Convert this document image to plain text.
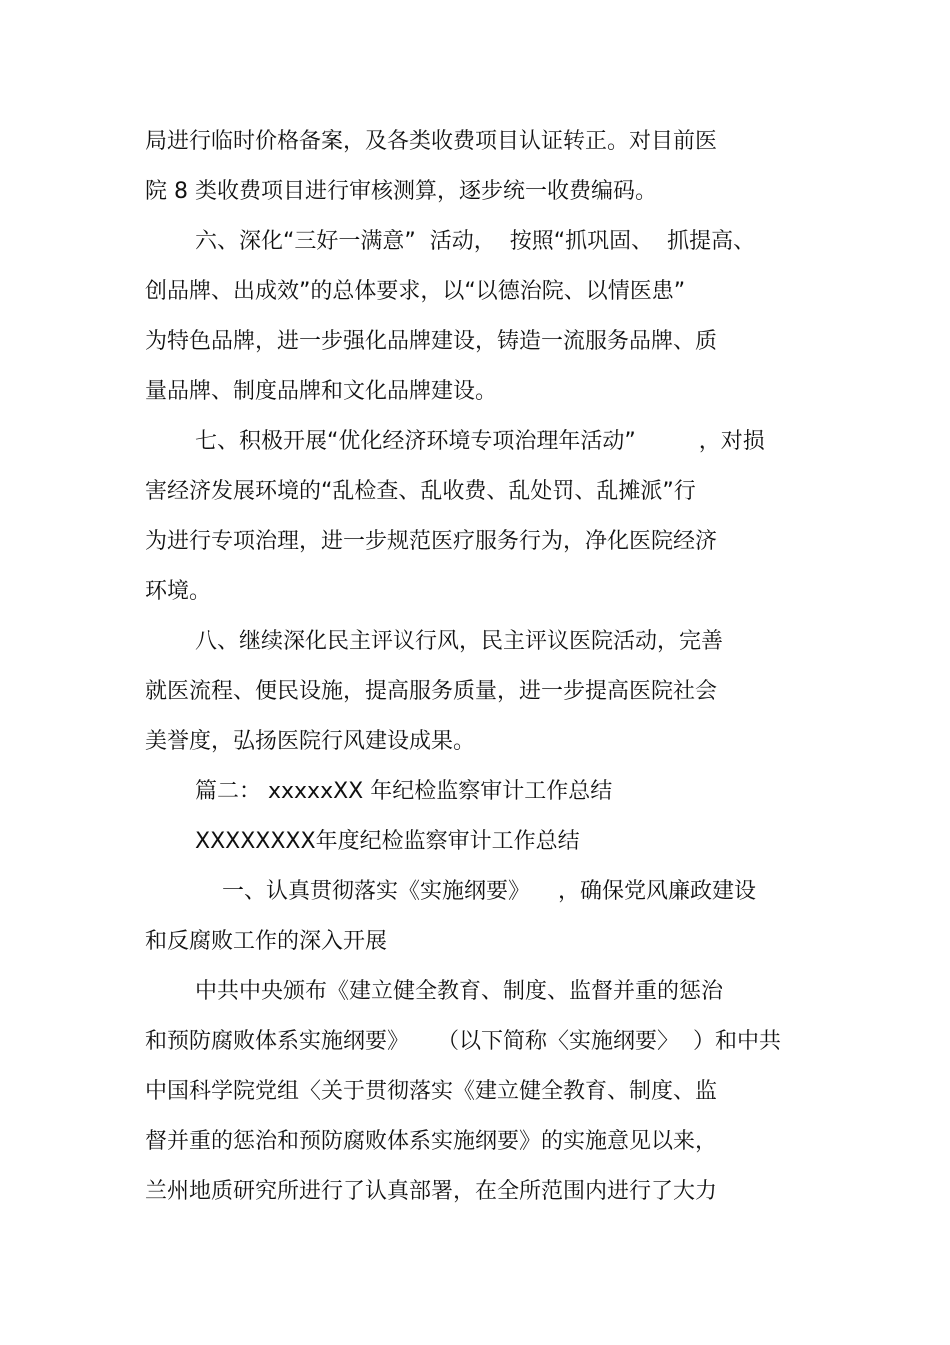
局进行临时价格备案，及各类收费项目认证转正。对目前医
院 8 类收费项目进行审核测算，逐步统一收费编码。
六、深化“三好一满意”  活动，  按照“抓巩固、  抓提高、
创品牌、出成效”的总体要求，以“以德治院、以情医患”
为特色品牌，进一步强化品牌建设，铸造一流服务品牌、质
量品牌、制度品牌和文化品牌建设。
七、积极开展“优化经济环境专项治理年活动”         ，对损
害经济发展环境的“乱检查、乱收费、乱处罚、乱摊派”行
为进行专项治理，进一步规范医疗服务行为，净化医院经济
环境。
八、继续深化民主评议行风，民主评议医院活动，完善
就医流程、便民设施，提高服务质量，进一步提高医院社会
美誉度，弘扬医院行风建设成果。
篇二： xxxxxXX 年纪检监察审计工作总结
XXXXXXXX年度纪检监察审计工作总结
一、认真贯彻落实《实施纲要》    ，确保党风廉政建设
和反腐败工作的深入开展
中共中央颁布《建立健全教育、制度、监督并重的惩治
和预防腐败体系实施纲要》    （以下简称〈实施纲要〉  ）和中共
中国科学院党组〈关于贯彻落实《建立健全教育、制度、监
督并重的惩治和预防腐败体系实施纲要》的实施意见以来，
兰州地质研究所进行了认真部署，在全所范围内进行了大力
